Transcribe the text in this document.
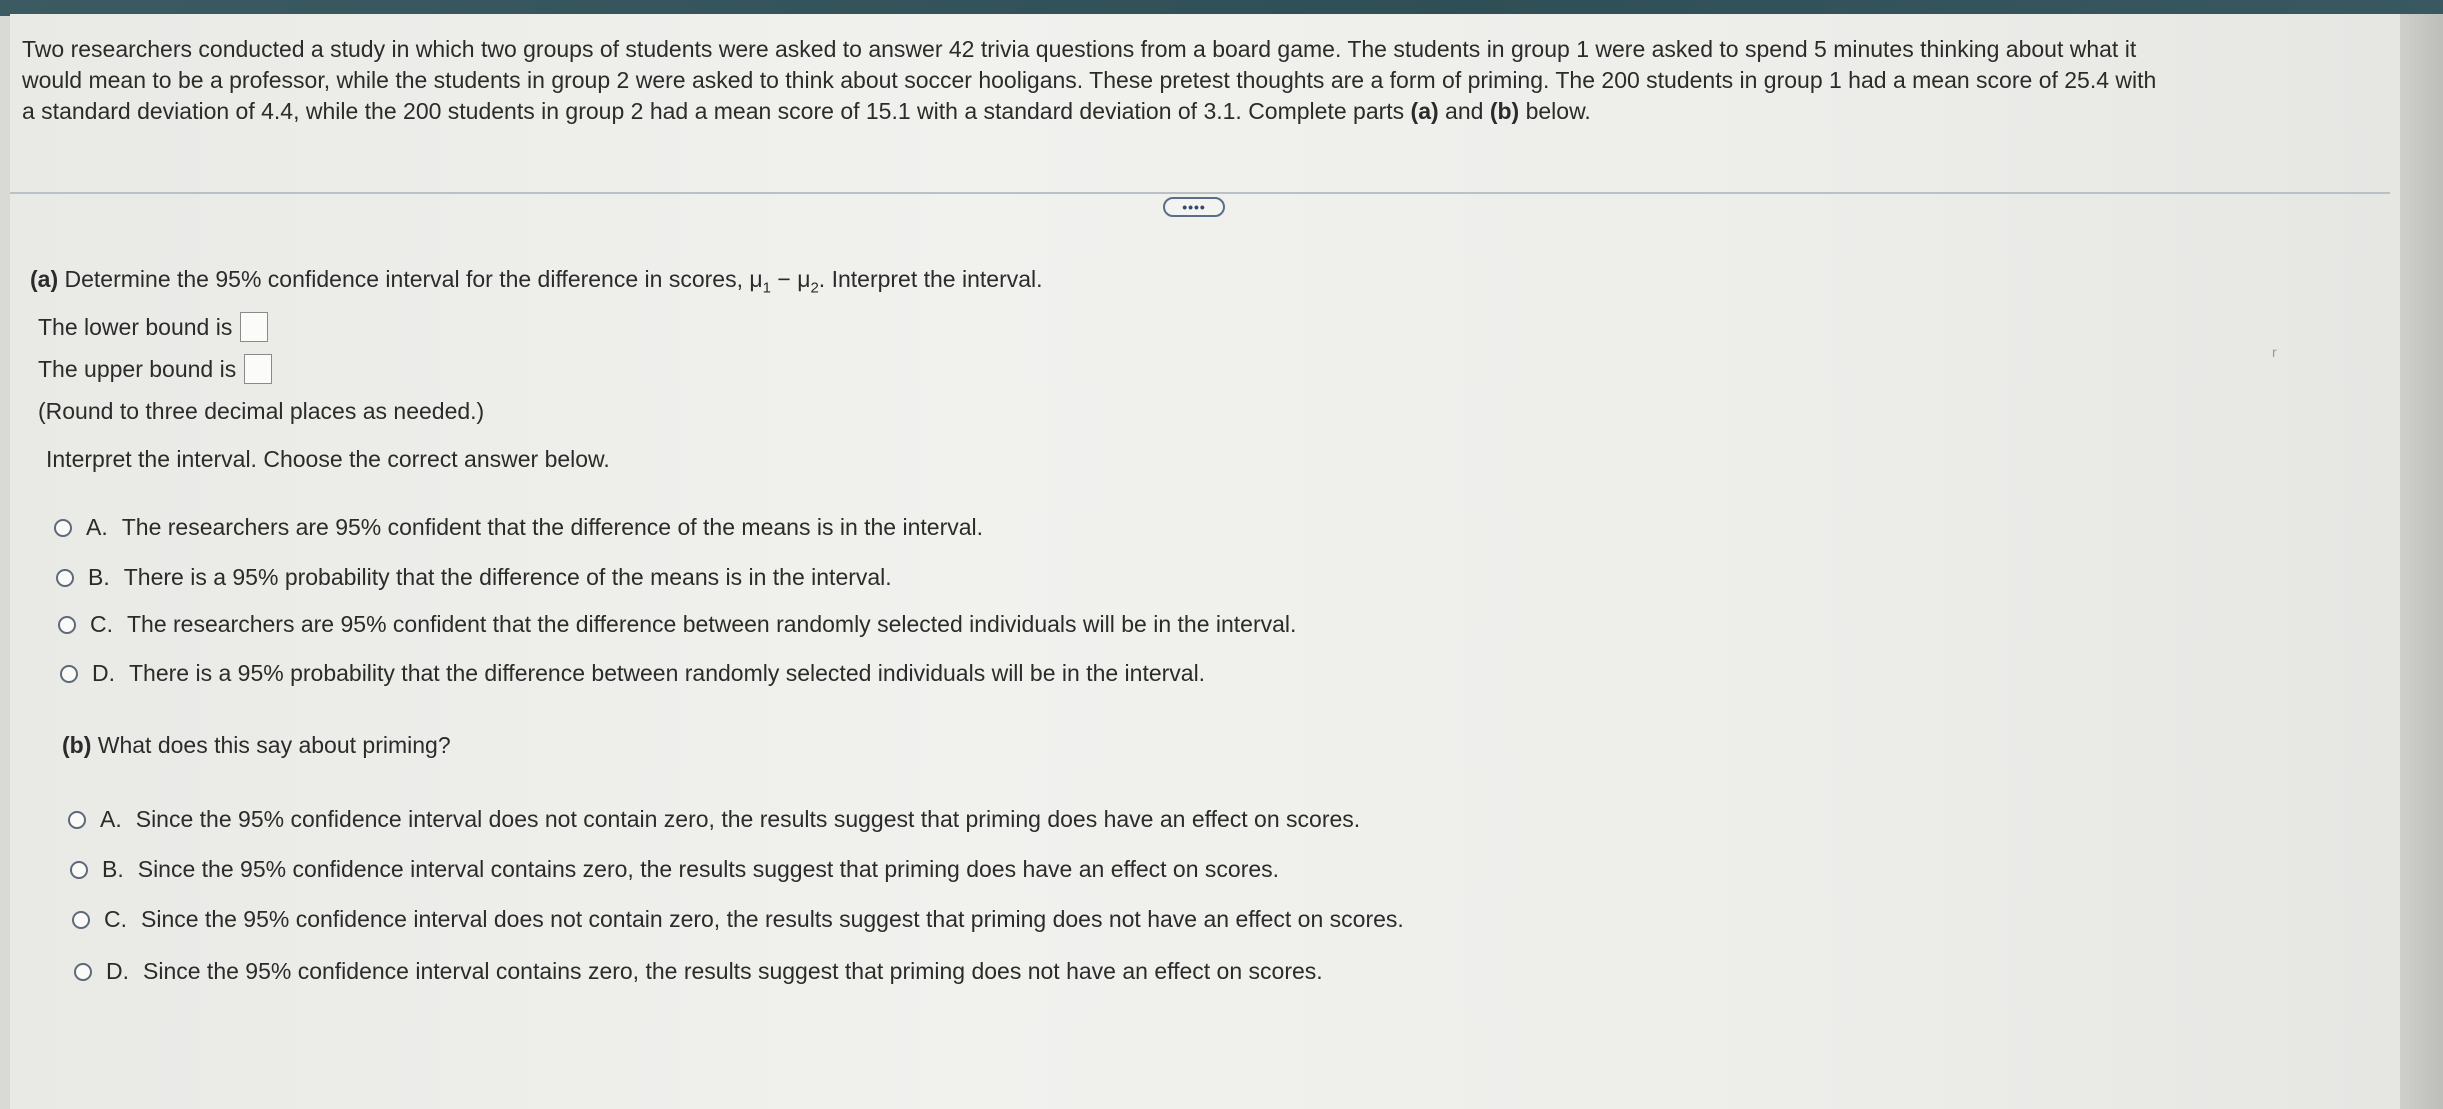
Two researchers conducted a study in which two groups of students were asked to answer 42 trivia questions from a board game. The students in group 1 were asked to spend 5 minutes thinking about what it
would mean to be a professor, while the students in group 2 were asked to think about soccer hooligans. These pretest thoughts are a form of priming. The 200 students in group 1 had a mean score of 25.4 with
a standard deviation of 4.4, while the 200 students in group 2 had a mean score of 15.1 with a standard deviation of 3.1. Complete parts (a) and (b) below.
••••
(a) Determine the 95% confidence interval for the difference in scores, $\mu_1 - \mu_2$. Interpret the interval.
The lower bound is
The upper bound is
(Round to three decimal places as needed.)
Interpret the interval. Choose the correct answer below.
A. The researchers are 95% confident that the difference of the means is in the interval.
B. There is a 95% probability that the difference of the means is in the interval.
C. The researchers are 95% confident that the difference between randomly selected individuals will be in the interval.
D. There is a 95% probability that the difference between randomly selected individuals will be in the interval.
(b) What does this say about priming?
A. Since the 95% confidence interval does not contain zero, the results suggest that priming does have an effect on scores.
B. Since the 95% confidence interval contains zero, the results suggest that priming does have an effect on scores.
C. Since the 95% confidence interval does not contain zero, the results suggest that priming does not have an effect on scores.
D. Since the 95% confidence interval contains zero, the results suggest that priming does not have an effect on scores.
r
